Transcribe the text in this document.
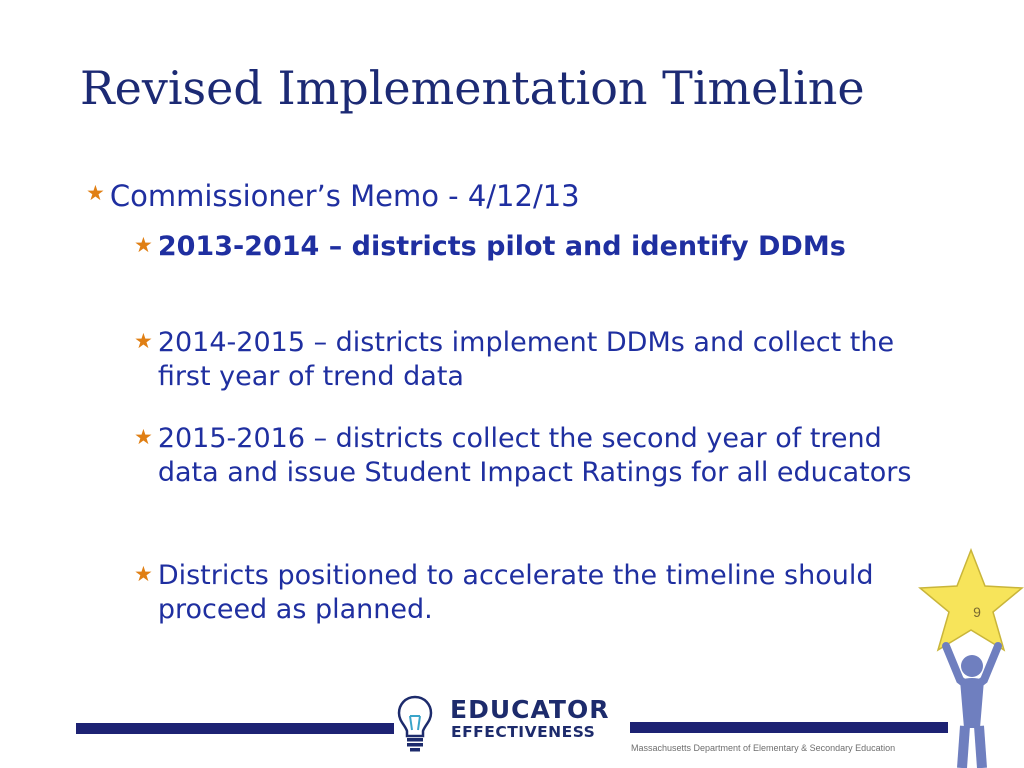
Revised Implementation Timeline
★ Commissioner’s Memo - 4/12/13
★ 2013-2014 – districts pilot and identify DDMs
★ 2014-2015 – districts implement DDMs and collect the first year of trend data
★ 2015-2016 – districts collect the second year of trend data and issue Student Impact Ratings for all educators
★ Districts positioned to accelerate the timeline should proceed as planned.	9
EDUCATOR
EFFECTIVENESS
Massachusetts Department of Elementary & Secondary Education
